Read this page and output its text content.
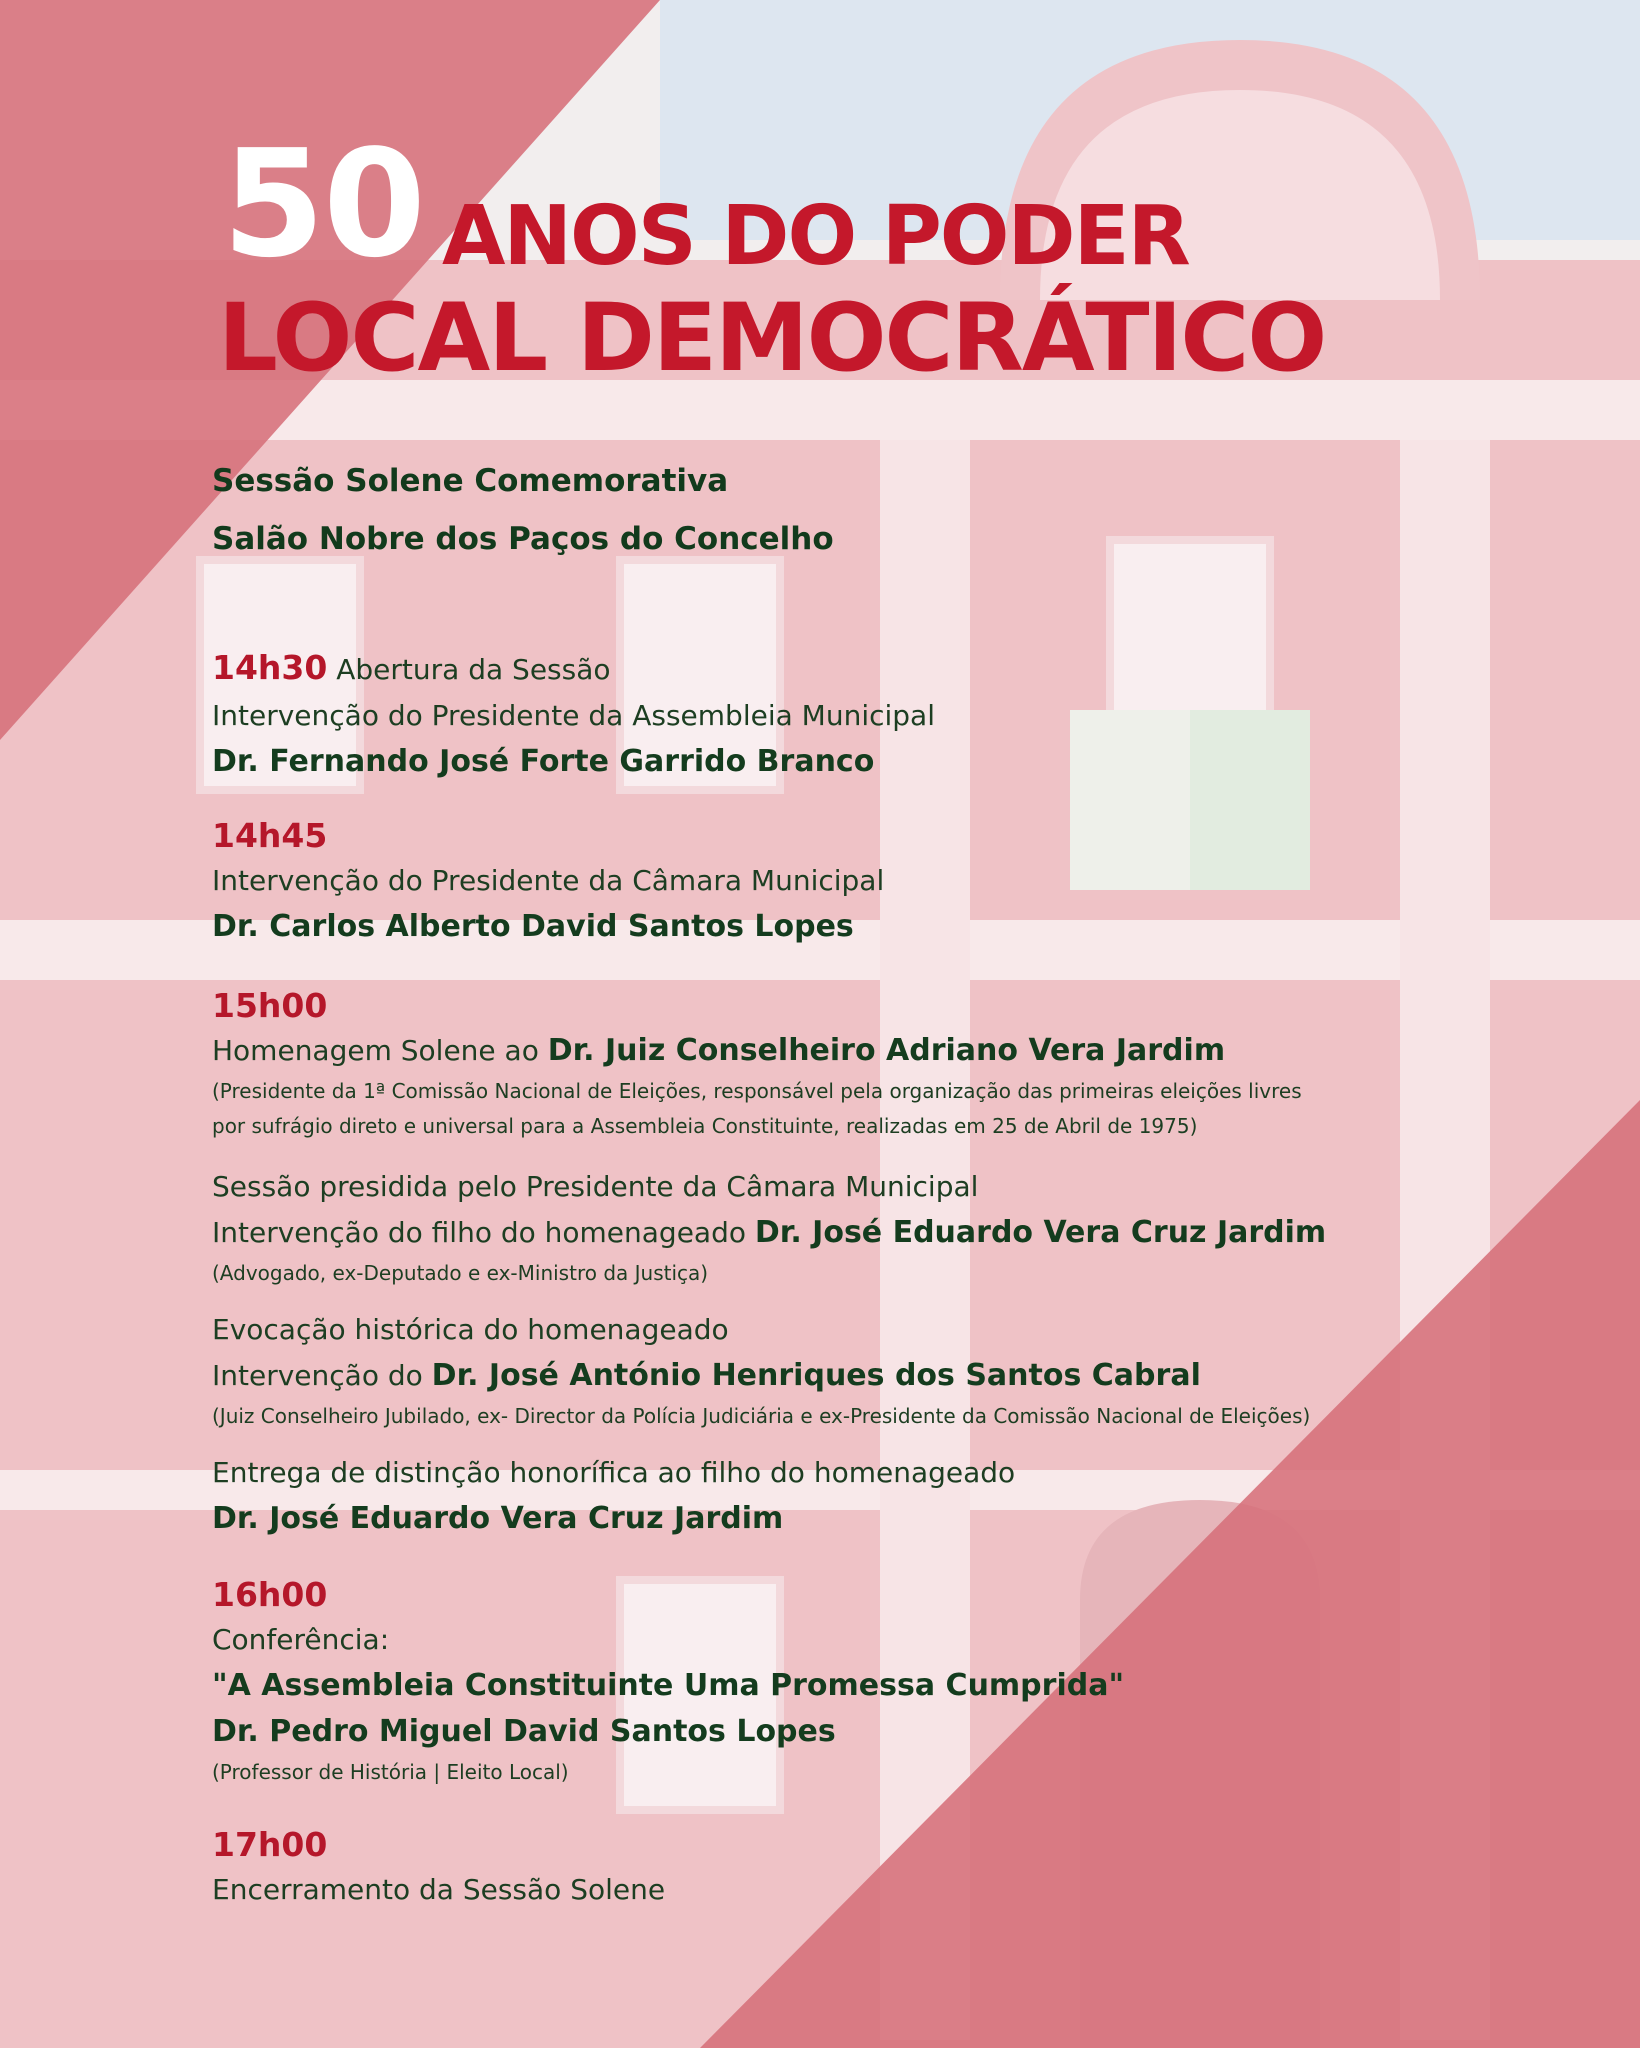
50 ANOS DO PODER
LOCAL DEMOCRÁTICO
Sessão Solene Comemorativa
Salão Nobre dos Paços do Concelho
14h30 Abertura da Sessão
Intervenção do Presidente da Assembleia Municipal
Dr. Fernando José Forte Garrido Branco
14h45
Intervenção do Presidente da Câmara Municipal
Dr. Carlos Alberto David Santos Lopes
15h00
Homenagem Solene ao Dr. Juiz Conselheiro Adriano Vera Jardim
(Presidente da 1ª Comissão Nacional de Eleições, responsável pela organização das primeiras eleições livres
por sufrágio direto e universal para a Assembleia Constituinte, realizadas em 25 de Abril de 1975)
Sessão presidida pelo Presidente da Câmara Municipal
Intervenção do filho do homenageado Dr. José Eduardo Vera Cruz Jardim
(Advogado, ex-Deputado e ex-Ministro da Justiça)
Evocação histórica do homenageado
Intervenção do Dr. José António Henriques dos Santos Cabral
(Juiz Conselheiro Jubilado, ex- Director da Polícia Judiciária e ex-Presidente da Comissão Nacional de Eleições)
Entrega de distinção honorífica ao filho do homenageado
Dr. José Eduardo Vera Cruz Jardim
16h00
Conferência:
"A Assembleia Constituinte Uma Promessa Cumprida"
Dr. Pedro Miguel David Santos Lopes
(Professor de História | Eleito Local)
17h00
Encerramento da Sessão Solene
